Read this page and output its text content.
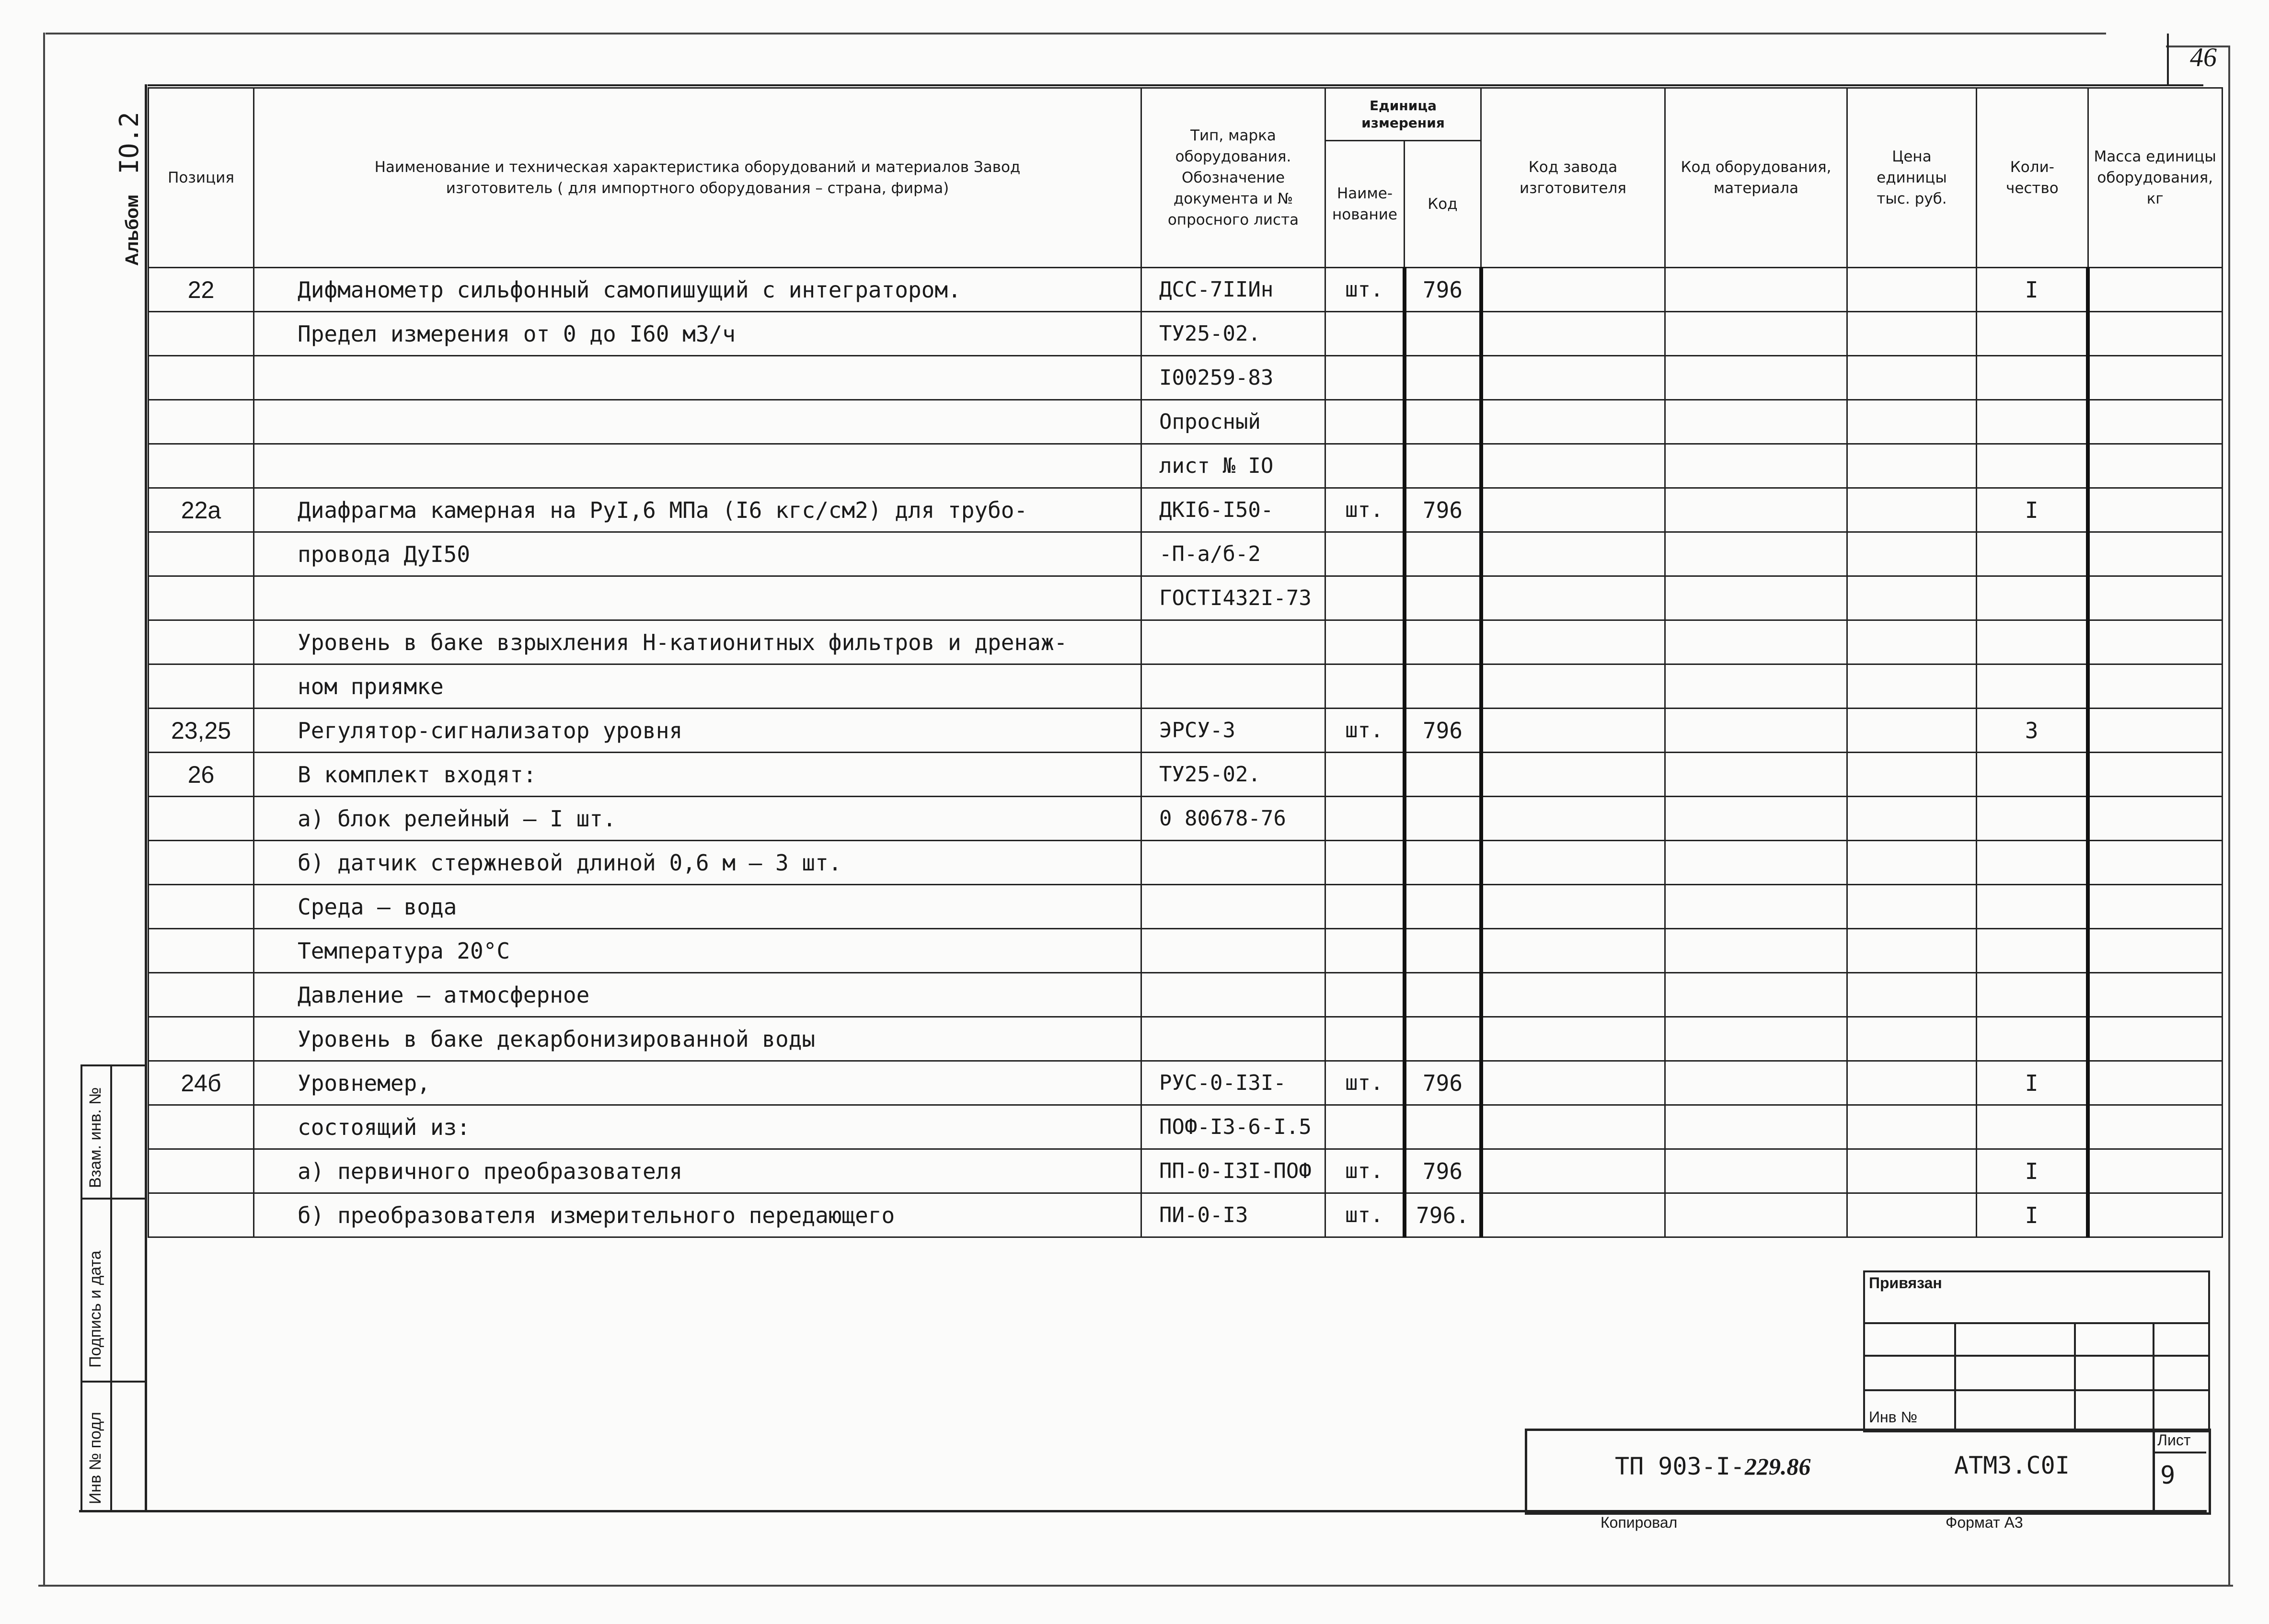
46
Альбом    IO.2
Взам. инв. №
Подпись и дата
Инв № подл
Позиция	Наименование и техническая характеристика оборудований и материалов Завод изготовитель ( для импортного оборудования – страна, фирма)	Тип, марка оборудования. Обозначение документа и № опросного листа	Единица измерения		Код завода изготовителя	Код оборудования, материала	Цена единицы тыс. руб.	Коли- чество	Масса единицы оборудования, кг
			Наиме- нование	Код					
22	Дифманометр сильфонный самопишущий с интегратором.	ДСС-7IIИн	шт.	796				I	
	Предел измерения от 0 до I60 м3/ч	ТУ25-02.							
		I00259-83							
		Опросный							
		лист № IO							
22а	Диафрагма камерная на РуI,6 МПа (I6 кгс/см2) для трубо-	ДКI6-I50-	шт.	796				I	
	провода ДуI50	-П-а/б-2							
		ГОСТI432I-73							
	Уровень в баке взрыхления Н-катионитных фильтров и дренаж-								
	ном приямке								
23,25	Регулятор-сигнализатор уровня	ЭРСУ-3	шт.	796				3	
26	В комплект входят:	ТУ25-02.							
	а) блок релейный – I шт.	0 80678-76							
	б) датчик стержневой длиной 0,6 м – 3 шт.								
	Среда – вода								
	Температура 20°С								
	Давление – атмосферное								
	Уровень в баке декарбонизированной воды								
24б	Уровнемер,	РУС-0-I3I-	шт.	796				I	
	состоящий из:	ПОФ-I3-6-I.5							
	а) первичного преобразователя	ПП-0-I3I-ПОФ	шт.	796				I	
	б) преобразователя измерительного передающего	ПИ-0-I3	шт.	796.				I	
Привязан
Инв №
ТП 903-I-229.86	АТМ3.С0I
Лист
9
Копировал	Формат А3
